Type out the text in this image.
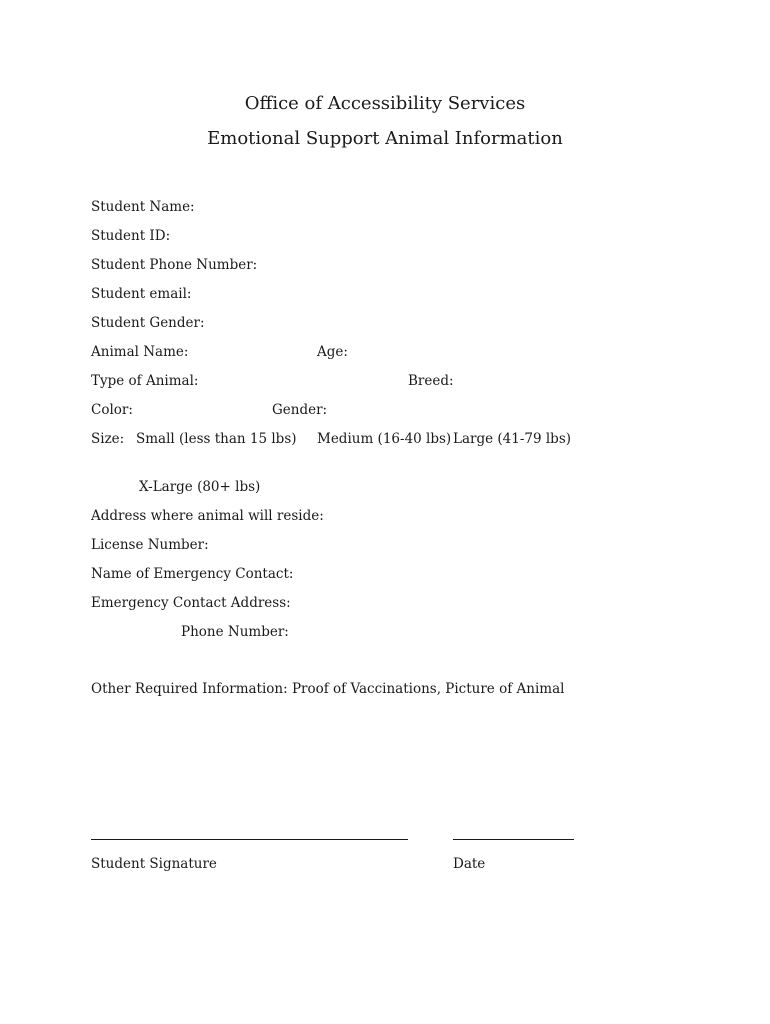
Office of Accessibility Services
Emotional Support Animal Information
Student Name:
Student ID:
Student Phone Number:
Student email:
Student Gender:
Animal Name:	Age:
Type of Animal:	Breed:
Color:	Gender:
Size: Small (less than 15 lbs) Medium (16-40 lbs) Large (41-79 lbs)
X-Large (80+ lbs)
Address where animal will reside:
License Number:
Name of Emergency Contact:
Emergency Contact Address:
Phone Number:
Other Required Information: Proof of Vaccinations, Picture of Animal
Student Signature	Date
